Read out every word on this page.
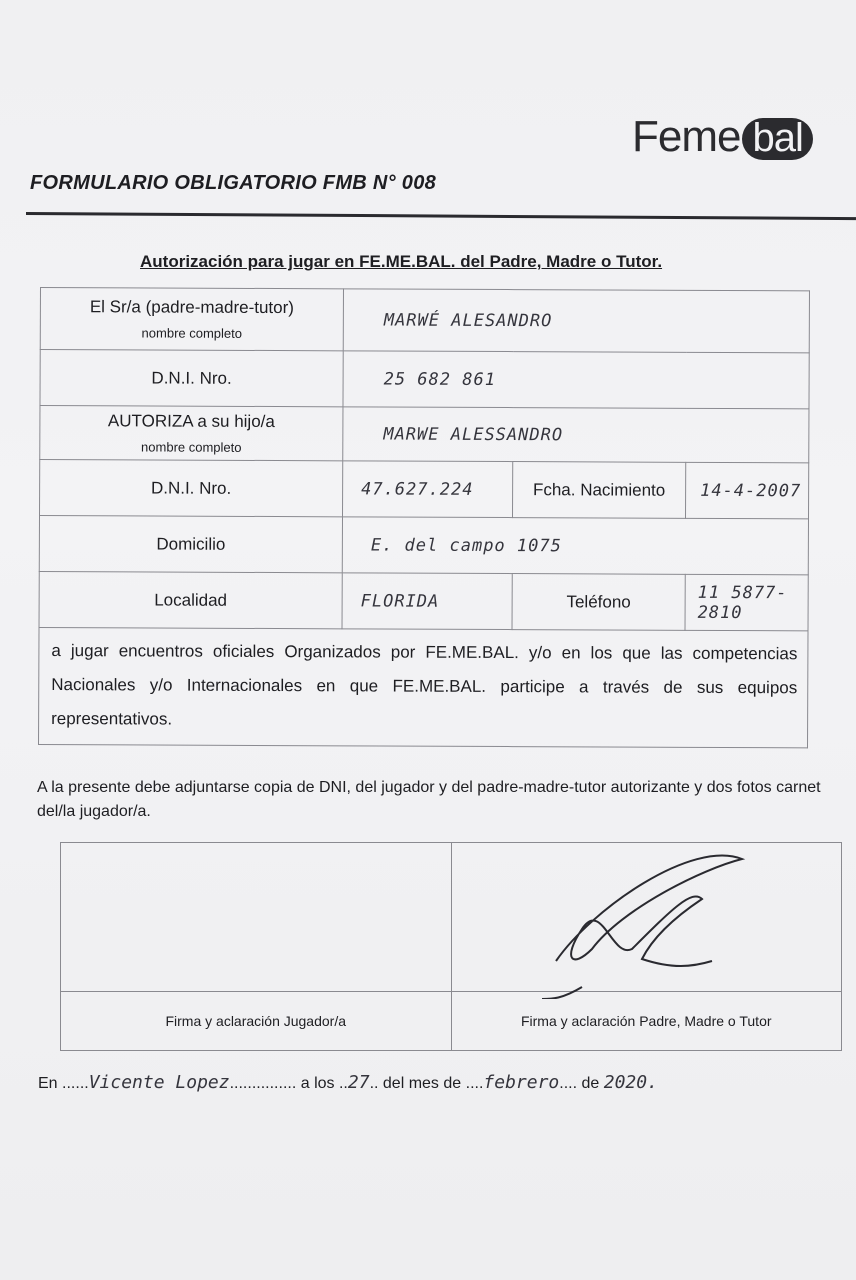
Feme bal
FORMULARIO OBLIGATORIO FMB N° 008
Autorización para jugar en FE.ME.BAL. del Padre, Madre o Tutor.
El Sr/a (padre-madre-tutor)
nombre completo	MARWÉ ALESANDRO		
D.N.I. Nro.	25 682 861		
AUTORIZA a su hijo/a
nombre completo	MARWE ALESSANDRO		
D.N.I. Nro.	47.627.224	Fcha. Nacimiento	14-4-2007
Domicilio	E. del campo 1075		
Localidad	FLORIDA	Teléfono	11 5877-2810
a jugar encuentros oficiales Organizados por FE.ME.BAL. y/o en los que las competencias Nacionales y/o Internacionales en que FE.ME.BAL. participe a través de sus equipos representativos.			
A la presente debe adjuntarse copia de DNI, del jugador y del padre-madre-tutor autorizante y dos fotos carnet del/la jugador/a.

Firma y aclaración Jugador/a	Firma y aclaración Padre, Madre o Tutor
En ......Vicente Lopez............... a los ..27.. del mes de ....febrero.... de 2020.
